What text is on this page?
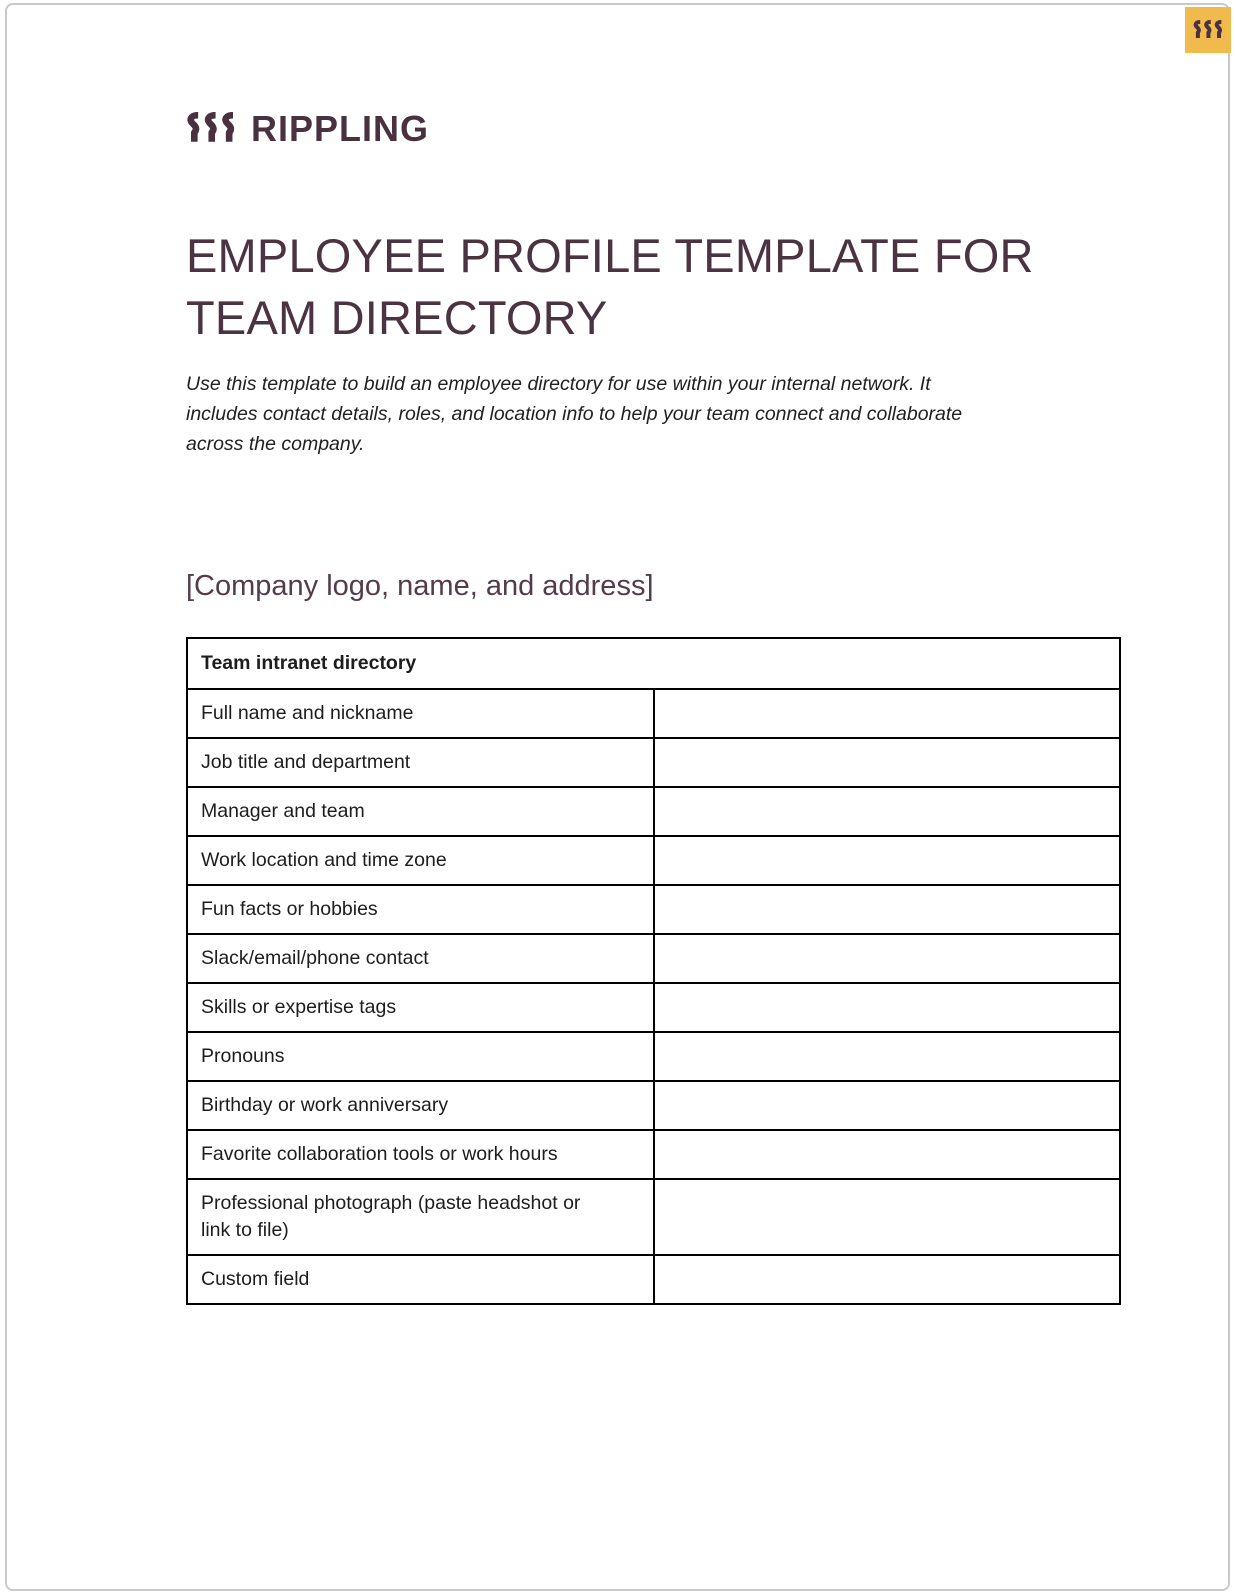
RIPPLING
EMPLOYEE PROFILE TEMPLATE FOR
TEAM DIRECTORY
Use this template to build an employee directory for use within your internal network. It
includes contact details, roles, and location info to help your team connect and collaborate
across the company.
[Company logo, name, and address]
Team intranet directory	
Full name and nickname	
Job title and department	
Manager and team	
Work location and time zone	
Fun facts or hobbies	
Slack/email/phone contact	
Skills or expertise tags	
Pronouns	
Birthday or work anniversary	
Favorite collaboration tools or work hours	
Professional photograph (paste headshot or link to file)	
Custom field	
